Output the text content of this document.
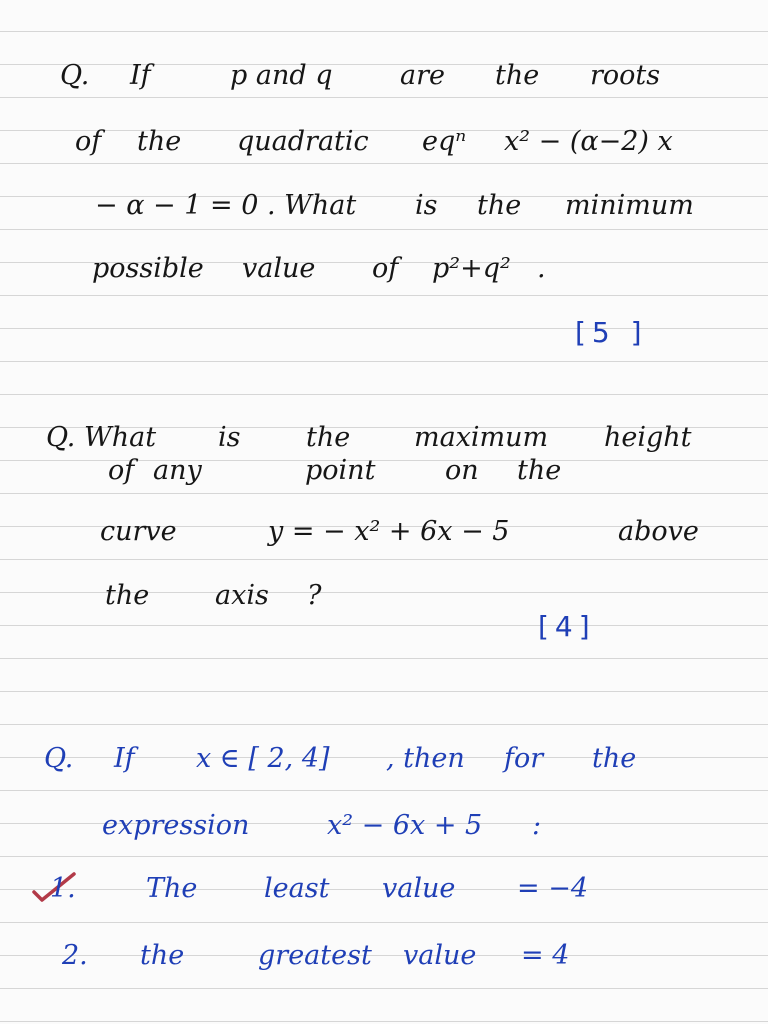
Q.	If	p and q	are	the	roots
of	the	quadratic	eqⁿ	x² − (α−2) x
− α − 1 = 0 . What	is	the	minimum
possible	value	of	p²+q² .
[5 ]
Q. What	is	the	maximum	height
of any	point	on	the
curve	y = − x² + 6x − 5	above
the	axis	?
[4]
Q.	If	x ∈ [ 2, 4]	, then	for	the
expression	x² − 6x + 5	:
1.	The	least	value	= −4
2.	the	greatest	value	= 4
